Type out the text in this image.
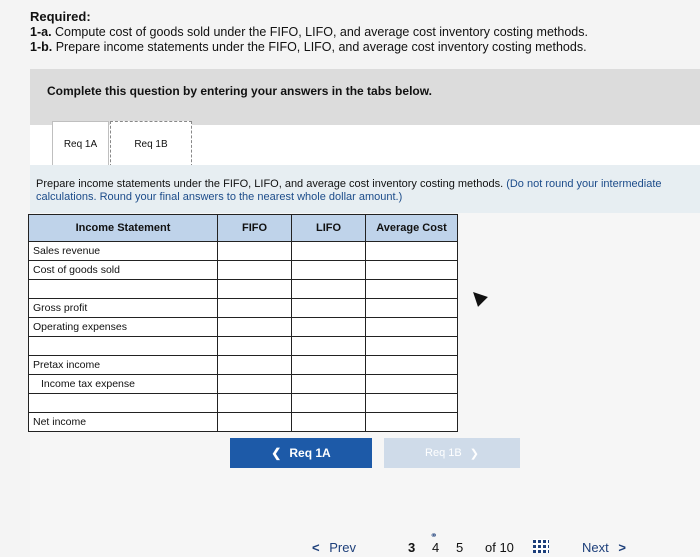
Required:
1-a. Compute cost of goods sold under the FIFO, LIFO, and average cost inventory costing methods.
1-b. Prepare income statements under the FIFO, LIFO, and average cost inventory costing methods.
Complete this question by entering your answers in the tabs below.
Req 1A	Req 1B
Prepare income statements under the FIFO, LIFO, and average cost inventory costing methods. (Do not round your intermediate calculations. Round your final answers to the nearest whole dollar amount.)
Income Statement	FIFO	LIFO	Average Cost
Sales revenue			
Cost of goods sold			

Gross profit			
Operating expenses			

Pretax income			
Income tax expense			

Net income			
❮ Req 1A	Req 1B ❯
< Prev	3
⚭
4 5 of 10	Next >
